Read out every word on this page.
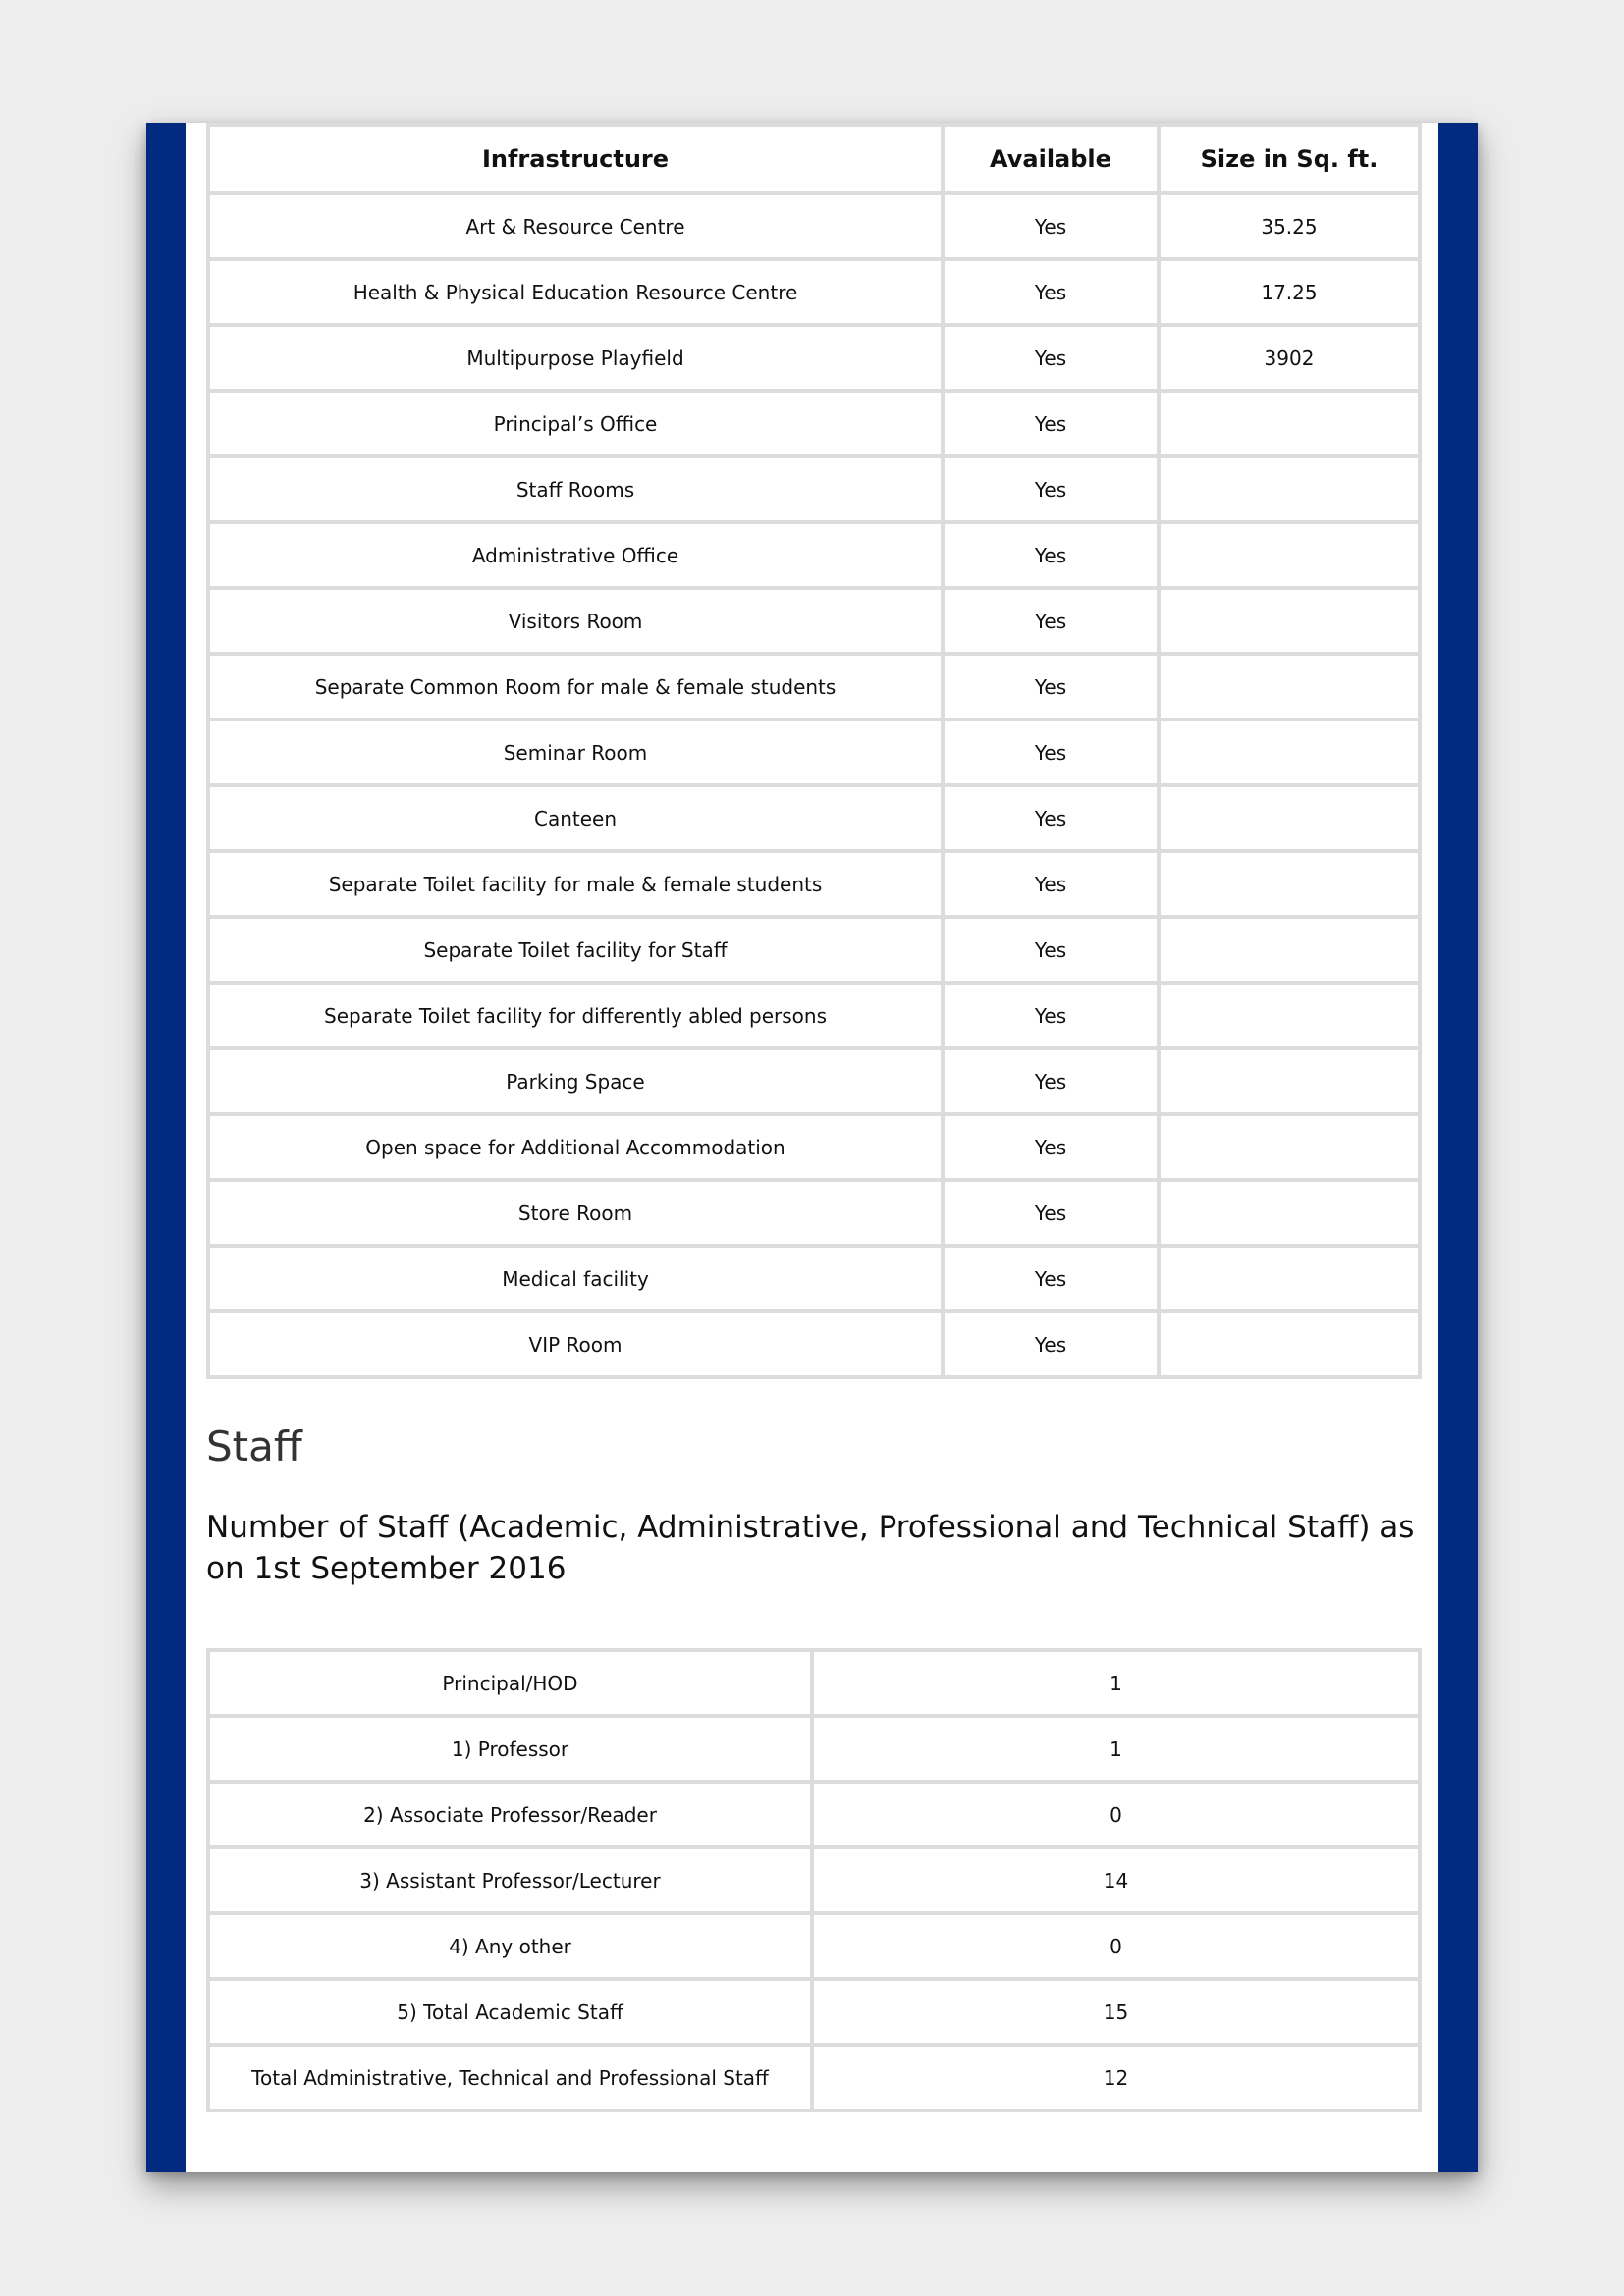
Infrastructure	Available	Size in Sq. ft.
Art & Resource Centre	Yes	35.25
Health & Physical Education Resource Centre	Yes	17.25
Multipurpose Playfield	Yes	3902
Principal’s Office	Yes	
Staff Rooms	Yes	
Administrative Office	Yes	
Visitors Room	Yes	
Separate Common Room for male & female students	Yes	
Seminar Room	Yes	
Canteen	Yes	
Separate Toilet facility for male & female students	Yes	
Separate Toilet facility for Staff	Yes	
Separate Toilet facility for differently abled persons	Yes	
Parking Space	Yes	
Open space for Additional Accommodation	Yes	
Store Room	Yes	
Medical facility	Yes	
VIP Room	Yes	
Staff

Number of Staff (Academic, Administrative, Professional and Technical Staff) as on 1st September 2016

Principal/HOD	1
1) Professor	1
2) Associate Professor/Reader	0
3) Assistant Professor/Lecturer	14
4) Any other	0
5) Total Academic Staff	15
Total Administrative, Technical and Professional Staff	12
